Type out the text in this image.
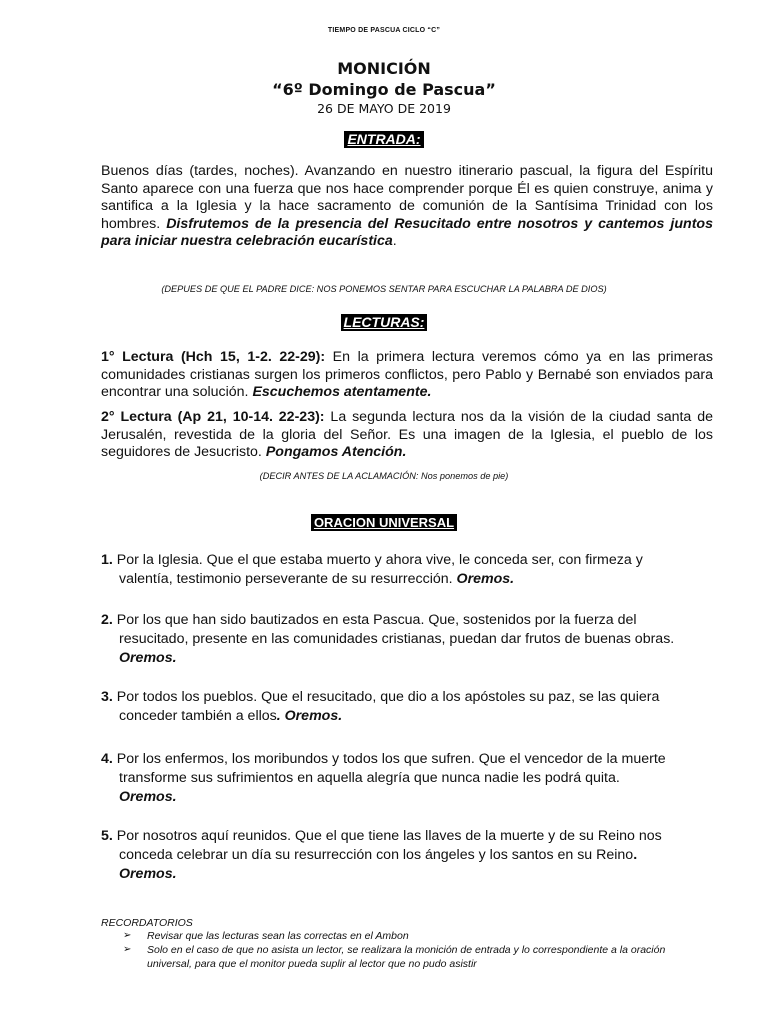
TIEMPO DE PASCUA CICLO “C”
MONICIÓN
“6º Domingo de Pascua”
26 DE MAYO DE 2019
ENTRADA:

Buenos días (tardes, noches). Avanzando en nuestro itinerario pascual, la figura del Espíritu Santo aparece con una fuerza que nos hace comprender porque Él es quien construye, anima y santifica a la Iglesia y la hace sacramento de comunión de la Santísima Trinidad con los hombres. Disfrutemos de la presencia del Resucitado entre nosotros y cantemos juntos para iniciar nuestra celebración eucarística.

(DEPUES DE QUE EL PADRE DICE: NOS PONEMOS SENTAR PARA ESCUCHAR LA PALABRA DE DIOS)
LECTURAS:

1° Lectura (Hch 15, 1-2. 22-29): En la primera lectura veremos cómo ya en las primeras comunidades cristianas surgen los primeros conflictos, pero Pablo y Bernabé son enviados para encontrar una solución. Escuchemos atentamente.

2° Lectura (Ap 21, 10-14. 22-23): La segunda lectura nos da la visión de la ciudad santa de Jerusalén, revestida de la gloria del Señor. Es una imagen de la Iglesia, el pueblo de los seguidores de Jesucristo. Pongamos Atención.

(DECIR ANTES DE LA ACLAMACIÓN: Nos ponemos de pie)
ORACION UNIVERSAL
1. Por la Iglesia. Que el que estaba muerto y ahora vive, le conceda ser, con firmeza y
valentía, testimonio perseverante de su resurrección. Oremos.
2. Por los que han sido bautizados en esta Pascua. Que, sostenidos por la fuerza del
resucitado, presente en las comunidades cristianas, puedan dar frutos de buenas obras.
Oremos.
3. Por todos los pueblos. Que el resucitado, que dio a los apóstoles su paz, se las quiera
conceder también a ellos. Oremos.
4. Por los enfermos, los moribundos y todos los que sufren. Que el vencedor de la muerte
transforme sus sufrimientos en aquella alegría que nunca nadie les podrá quita.
Oremos.
5. Por nosotros aquí reunidos. Que el que tiene las llaves de la muerte y de su Reino nos
conceda celebrar un día su resurrección con los ángeles y los santos en su Reino.
Oremos.
RECORDATORIOS
➢ Revisar que las lecturas sean las correctas en el Ambon
➢ Solo en el caso de que no asista un lector, se realizara la monición de entrada y lo correspondiente a la oración universal, para que el monitor pueda suplir al lector que no pudo asistir
